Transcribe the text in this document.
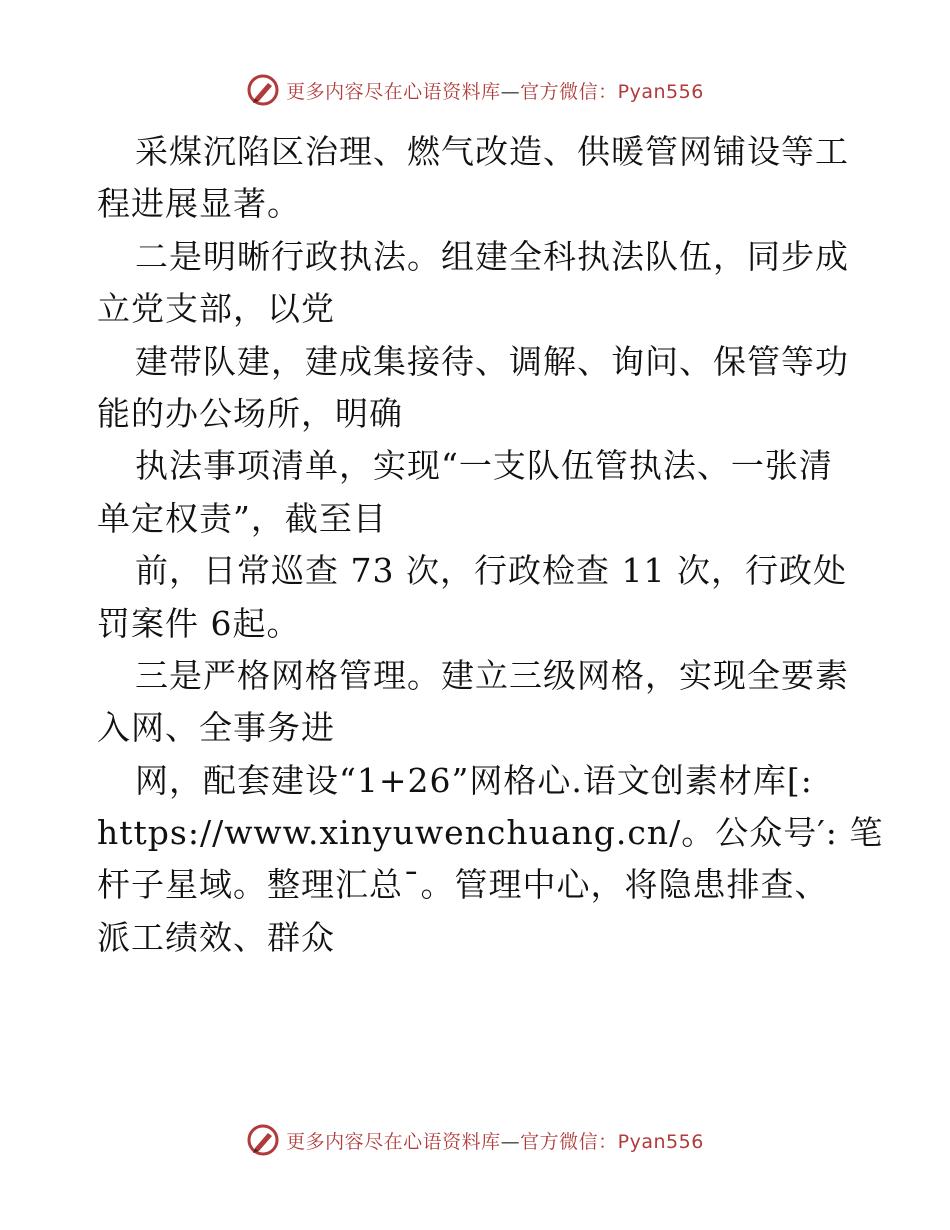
更多内容尽在心语资料库—官方微信：Pyan556
采煤沉陷区治理、燃气改造、供暖管网铺设等工
程进展显著。
二是明晰行政执法。组建全科执法队伍，同步成
立党支部，以党
建带队建，建成集接待、调解、询问、保管等功
能的办公场所，明确
执法事项清单，实现“一支队伍管执法、一张清
单定权责”，截至目
前，日常巡查 73 次，行政检查 11 次，行政处
罚案件 6起。
三是严格网格管理。建立三级网格，实现全要素
入网、全事务进
网，配套建设“1+26”网格心.语文创素材库[:
https://www.xinyuwenchuang.cn/。公众号′: 笔
杆子星域。整理汇总¯。管理中心，将隐患排查、
派工绩效、群众
更多内容尽在心语资料库—官方微信：Pyan556
